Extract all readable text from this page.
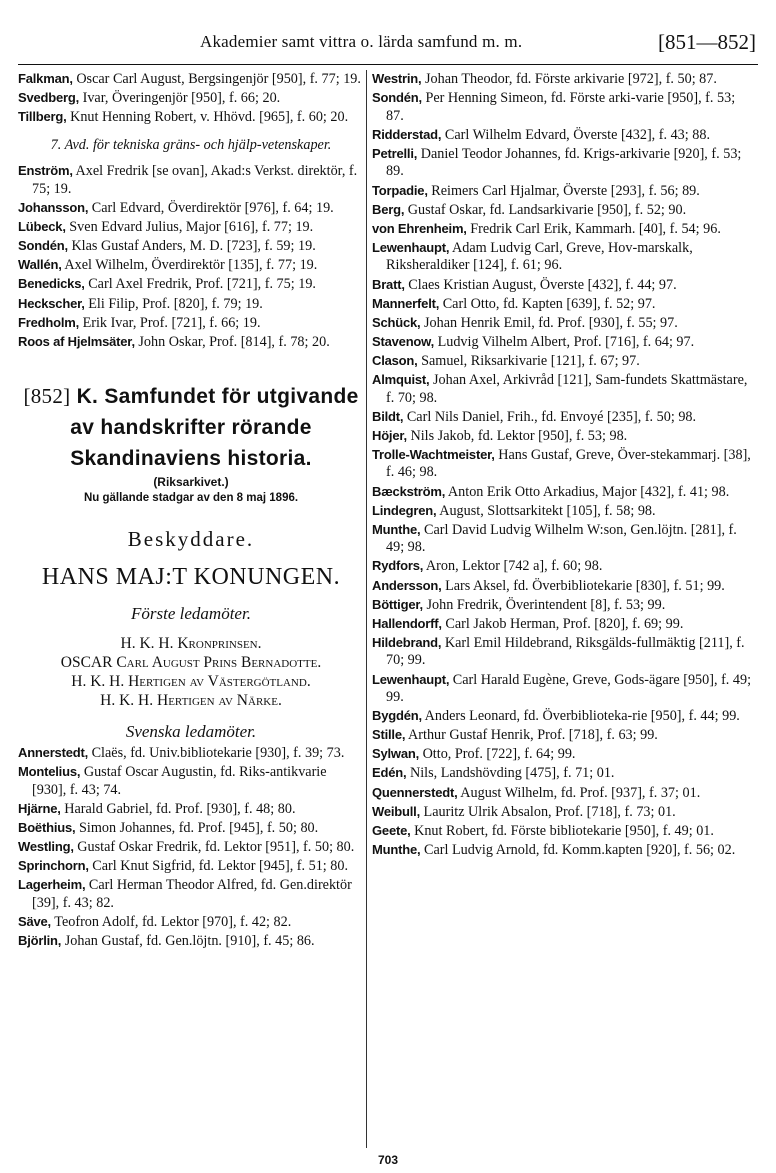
Akademier samt vittra o. lärda samfund m. m.	[851—852]
Falkman, Oscar Carl August, Bergsingenjör [950], f. 77; 19.
Svedberg, Ivar, Överingenjör [950], f. 66; 20.
Tillberg, Knut Henning Robert, v. Hhövd. [965], f. 60; 20.
7. Avd. för tekniska gräns- och hjälp-vetenskaper.
Enström, Axel Fredrik [se ovan], Akad:s Verkst. direktör, f. 75; 19.
Johansson, Carl Edvard, Överdirektör [976], f. 64; 19.
Lübeck, Sven Edvard Julius, Major [616], f. 77; 19.
Sondén, Klas Gustaf Anders, M. D. [723], f. 59; 19.
Wallén, Axel Wilhelm, Överdirektör [135], f. 77; 19.
Benedicks, Carl Axel Fredrik, Prof. [721], f. 75; 19.
Heckscher, Eli Filip, Prof. [820], f. 79; 19.
Fredholm, Erik Ivar, Prof. [721], f. 66; 19.
Roos af Hjelmsäter, John Oskar, Prof. [814], f. 78; 20.
[852] K. Samfundet för utgivande av handskrifter rörande Skandinaviens historia.
(Riksarkivet.)
Nu gällande stadgar av den 8 maj 1896.
Beskyddare.
HANS MAJ:T KONUNGEN.
Förste ledamöter.
H. K. H. Kronprinsen.
OSCAR Carl August Prins Bernadotte.
H. K. H. Hertigen av Västergötland.
H. K. H. Hertigen av Närke.
Svenska ledamöter.
Annerstedt, Claës, fd. Univ.bibliotekarie [930], f. 39; 73.
Montelius, Gustaf Oscar Augustin, fd. Riks-antikvarie [930], f. 43; 74.
Hjärne, Harald Gabriel, fd. Prof. [930], f. 48; 80.
Boëthius, Simon Johannes, fd. Prof. [945], f. 50; 80.
Westling, Gustaf Oskar Fredrik, fd. Lektor [951], f. 50; 80.
Sprinchorn, Carl Knut Sigfrid, fd. Lektor [945], f. 51; 80.
Lagerheim, Carl Herman Theodor Alfred, fd. Gen.direktör [39], f. 43; 82.
Säve, Teofron Adolf, fd. Lektor [970], f. 42; 82.
Björlin, Johan Gustaf, fd. Gen.löjtn. [910], f. 45; 86.
Westrin, Johan Theodor, fd. Förste arkivarie [972], f. 50; 87.
Sondén, Per Henning Simeon, fd. Förste arki-varie [950], f. 53; 87.
Ridderstad, Carl Wilhelm Edvard, Överste [432], f. 43; 88.
Petrelli, Daniel Teodor Johannes, fd. Krigs-arkivarie [920], f. 53; 89.
Torpadie, Reimers Carl Hjalmar, Överste [293], f. 56; 89.
Berg, Gustaf Oskar, fd. Landsarkivarie [950], f. 52; 90.
von Ehrenheim, Fredrik Carl Erik, Kammarh. [40], f. 54; 96.
Lewenhaupt, Adam Ludvig Carl, Greve, Hov-marskalk, Riksheraldiker [124], f. 61; 96.
Bratt, Claes Kristian August, Överste [432], f. 44; 97.
Mannerfelt, Carl Otto, fd. Kapten [639], f. 52; 97.
Schück, Johan Henrik Emil, fd. Prof. [930], f. 55; 97.
Stavenow, Ludvig Vilhelm Albert, Prof. [716], f. 64; 97.
Clason, Samuel, Riksarkivarie [121], f. 67; 97.
Almquist, Johan Axel, Arkivråd [121], Sam-fundets Skattmästare, f. 70; 98.
Bildt, Carl Nils Daniel, Frih., fd. Envoyé [235], f. 50; 98.
Höjer, Nils Jakob, fd. Lektor [950], f. 53; 98.
Trolle-Wachtmeister, Hans Gustaf, Greve, Över-stekammarj. [38], f. 46; 98.
Bæckström, Anton Erik Otto Arkadius, Major [432], f. 41; 98.
Lindegren, August, Slottsarkitekt [105], f. 58; 98.
Munthe, Carl David Ludvig Wilhelm W:son, Gen.löjtn. [281], f. 49; 98.
Rydfors, Aron, Lektor [742 a], f. 60; 98.
Andersson, Lars Aksel, fd. Överbibliotekarie [830], f. 51; 99.
Böttiger, John Fredrik, Överintendent [8], f. 53; 99.
Hallendorff, Carl Jakob Herman, Prof. [820], f. 69; 99.
Hildebrand, Karl Emil Hildebrand, Riksgälds-fullmäktig [211], f. 70; 99.
Lewenhaupt, Carl Harald Eugène, Greve, Gods-ägare [950], f. 49; 99.
Bygdén, Anders Leonard, fd. Överbiblioteka-rie [950], f. 44; 99.
Stille, Arthur Gustaf Henrik, Prof. [718], f. 63; 99.
Sylwan, Otto, Prof. [722], f. 64; 99.
Edén, Nils, Landshövding [475], f. 71; 01.
Quennerstedt, August Wilhelm, fd. Prof. [937], f. 37; 01.
Weibull, Lauritz Ulrik Absalon, Prof. [718], f. 73; 01.
Geete, Knut Robert, fd. Förste bibliotekarie [950], f. 49; 01.
Munthe, Carl Ludvig Arnold, fd. Komm.kapten [920], f. 56; 02.
703
